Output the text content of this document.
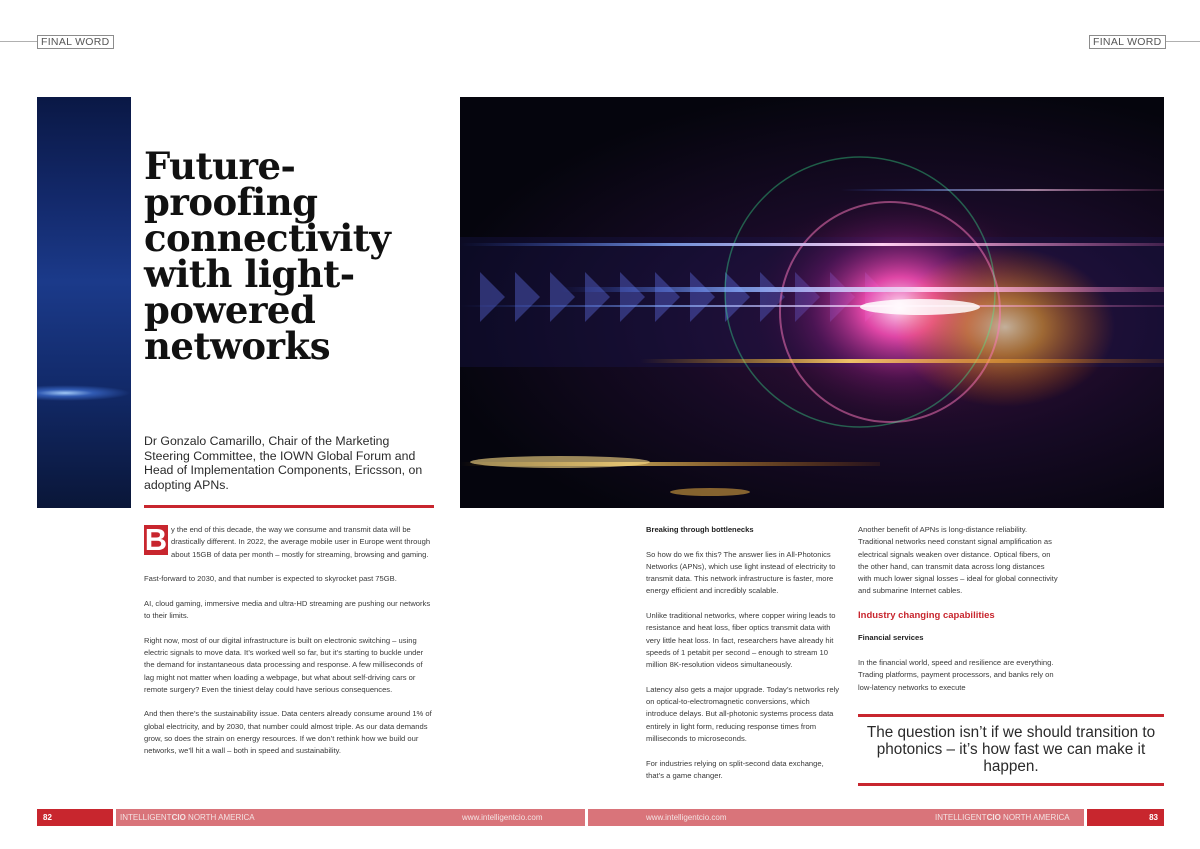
FINAL WORD	FINAL WORD
Future-
proofing
connectivity
with light-
powered
networks
Dr Gonzalo Camarillo, Chair of the Marketing Steering Committee, the IOWN Global Forum and Head of Implementation Components, Ericsson, on adopting APNs.

B y the end of this decade, the way we consume and transmit data will be drastically different. In 2022, the average mobile user in Europe went through about 15GB of data per month – mostly for streaming, browsing and gaming.

Fast-forward to 2030, and that number is expected to skyrocket past 75GB.

AI, cloud gaming, immersive media and ultra-HD streaming are pushing our networks to their limits.

Right now, most of our digital infrastructure is built on electronic switching – using electric signals to move data. It’s worked well so far, but it’s starting to buckle under the demand for instantaneous data processing and response. A few milliseconds of lag might not matter when loading a webpage, but what about self-driving cars or remote surgery? Even the tiniest delay could have serious consequences.

And then there’s the sustainability issue. Data centers already consume around 1% of global electricity, and by 2030, that number could almost triple. As our data demands grow, so does the strain on energy resources. If we don’t rethink how we build our networks, we’ll hit a wall – both in speed and sustainability.

Breaking through bottlenecks

So how do we fix this? The answer lies in All-Photonics Networks (APNs), which use light instead of electricity to transmit data. This network infrastructure is faster, more energy efficient and incredibly scalable.

Unlike traditional networks, where copper wiring leads to resistance and heat loss, fiber optics transmit data with very little heat loss. In fact, researchers have already hit speeds of 1 petabit per second – enough to stream 10 million 8K-resolution videos simultaneously.

Latency also gets a major upgrade. Today’s networks rely on optical-to-electromagnetic conversions, which introduce delays. But all-photonic systems process data entirely in light form, reducing response times from milliseconds to microseconds.

For industries relying on split-second data exchange, that’s a game changer.

Another benefit of APNs is long-distance reliability. Traditional networks need constant signal amplification as electrical signals weaken over distance. Optical fibers, on the other hand, can transmit data across long distances with much lower signal losses – ideal for global connectivity and submarine Internet cables.

Industry changing capabilities

Financial services

In the financial world, speed and resilience are everything. Trading platforms, payment processors, and banks rely on low-latency networks to execute

The question isn’t if we should transition to photonics – it’s how fast we can make it happen.
82	83
INTELLIGENTCIO NORTH AMERICA	www.intelligentcio.com	www.intelligentcio.com	INTELLIGENTCIO NORTH AMERICA
